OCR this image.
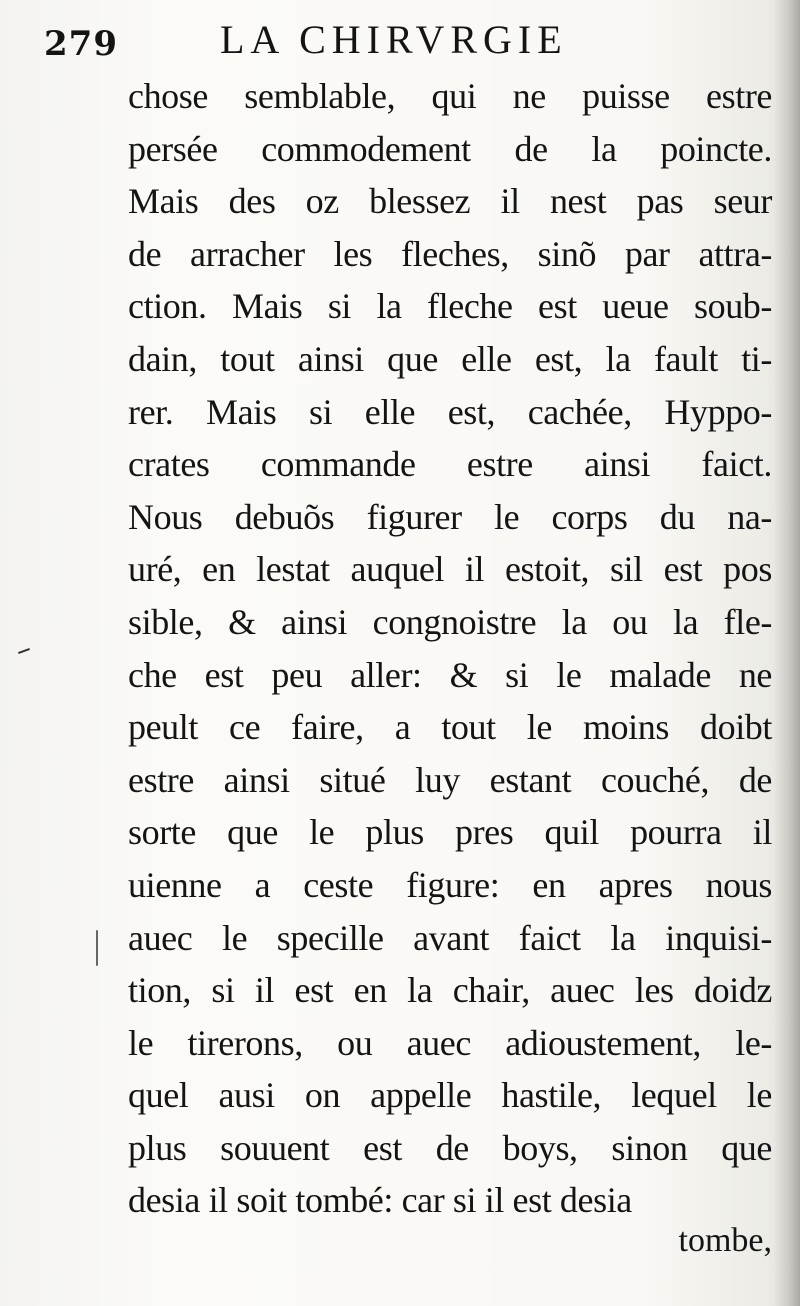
279	LA CHIRVRGIE
chose semblable, qui ne puisse estre
persée commodement de la poincte.
Mais des oz blessez il nest pas seur
de arracher les fleches, sinõ par attra-
ction. Mais si la fleche est ueue soub-
dain, tout ainsi que elle est, la fault ti-
rer. Mais si elle est, cachée, Hyppo-
crates commande estre ainsi faict.
Nous debuõs figurer le corps du na-
uré, en lestat auquel il estoit, sil est pos
sible, & ainsi congnoistre la ou la fle-
che est peu aller: & si le malade ne
peult ce faire, a tout le moins doibt
estre ainsi situé luy estant couché, de
sorte que le plus pres quil pourra il
uienne a ceste figure: en apres nous
auec le specille avant faict la inquisi-
tion, si il est en la chair, auec les doidz
le tirerons, ou auec adioustement, le-
quel ausi on appelle hastile, lequel le
plus souuent est de boys, sinon que
desia il soit tombé: car si il est desia
tombe,
